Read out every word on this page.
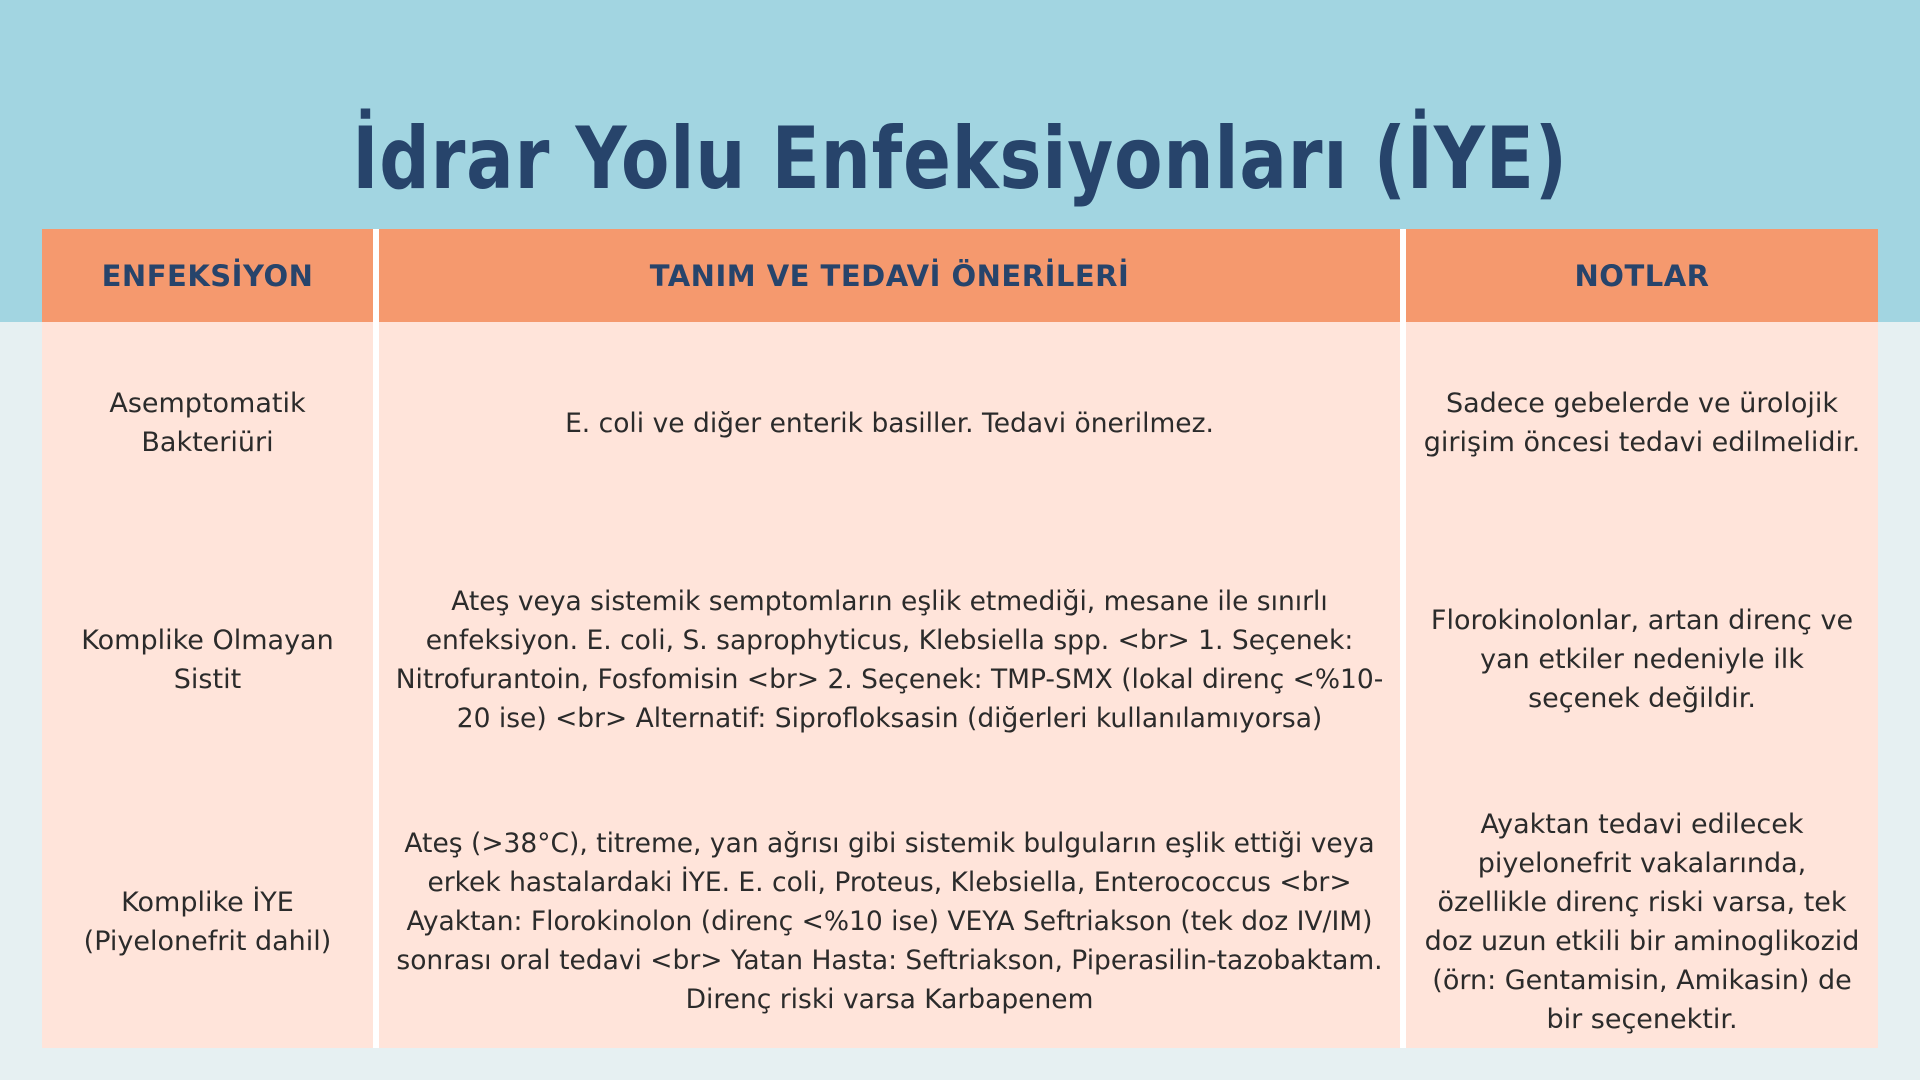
İdrar Yolu Enfeksiyonları (İYE)
ENFEKSİYON	TANIM VE TEDAVİ ÖNERİLERİ	NOTLAR
Asemptomatik Bakteriüri
E. coli ve diğer enterik basiller. Tedavi önerilmez.
Sadece gebelerde ve ürolojik girişim öncesi tedavi edilmelidir.
Komplike Olmayan Sistit
Ateş veya sistemik semptomların eşlik etmediği, mesane ile sınırlı enfeksiyon. E. coli, S. saprophyticus, Klebsiella spp. <br> 1. Seçenek: Nitrofurantoin, Fosfomisin <br> 2. Seçenek: TMP-SMX (lokal direnç <%10-20 ise) <br> Alternatif: Siprofloksasin (diğerleri kullanılamıyorsa)
Florokinolonlar, artan direnç ve yan etkiler nedeniyle ilk seçenek değildir.
Komplike İYE (Piyelonefrit dahil)
Ateş (>38°C), titreme, yan ağrısı gibi sistemik bulguların eşlik ettiği veya erkek hastalardaki İYE. E. coli, Proteus, Klebsiella, Enterococcus <br> Ayaktan: Florokinolon (direnç <%10 ise) VEYA Seftriakson (tek doz IV/IM) sonrası oral tedavi <br> Yatan Hasta: Seftriakson, Piperasilin-tazobaktam. Direnç riski varsa Karbapenem
Ayaktan tedavi edilecek piyelonefrit vakalarında, özellikle direnç riski varsa, tek doz uzun etkili bir aminoglikozid (örn: Gentamisin, Amikasin) de bir seçenektir.
